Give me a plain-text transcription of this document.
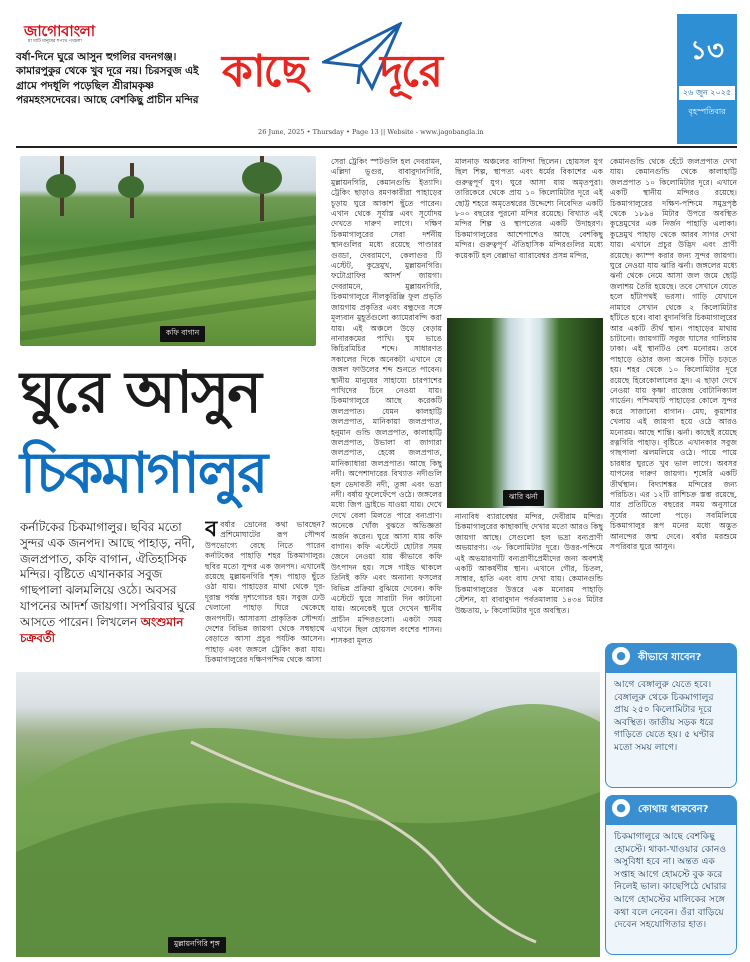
জাগোবাংলা
মা মাটি মানুষের শপথে পথচলা
বর্ষা-দিনে ঘুরে আসুন হুগলির বদনগঞ্জ। কামারপুকুর থেকে খুব দূরে নয়। চিরসবুজ এই গ্রামে পদধূলি পড়েছিল শ্রীরামকৃষ্ণ পরমহংসদেবের। আছে বেশকিছু প্রাচীন মন্দির
কাছে দূরে
26 June, 2025 • Thursday • Page 13 || Website - www.jagobangla.in
১৩
২৬ জুন ২০২৫
বৃহস্পতিবার
কফি বাগান
ঘুরে আসুন
চিকমাগালুর
কর্নাটকের চিকমাগালুর। ছবির মতো সুন্দর এক জনপদ। আছে পাহাড়, নদী, জলপ্রপাত, কফি বাগান, ঐতিহাসিক মন্দির। বৃষ্টিতে এখানকার সবুজ গাছপালা ঝলমলিয়ে ওঠে। অবসর যাপনের আদর্শ জায়গা। সপরিবার ঘুরে আসতে পারেন। লিখলেন অংশুমান চক্রবর্তী
ববর্ষার ভ্রোনের কথা ভাবছেন? প্রশিমোঘাটের রূপ সৌন্দর্য উপভোগ্যে বেছে নিতে পারেন কর্নাটকের পাহাড়ি শহর চিকমাগালুর। ছবির মতো সুন্দর এক জনপদ। এখানেই রয়েছে মুল্লায়নগিরি শৃঙ্গ। পাহাড় ছুঁতে ওঠা যায়। পাহাড়ের মাথা থেকে দূর-দূরান্ত পর্যন্ত দৃশ্যগোচর হয়। সবুজ ঢেউ খেলানো পাহাড় ঘিরে থেকেছে জনপদটি। আসারসা প্রাকৃতিক সৌন্দর্য। দেশের বিভিন্ন জায়গা থেকে সম্বছাত্থে বেড়াতে আসা প্রচুর পর্যটক আসেন। পাহাড় এবং জঙ্গলে ট্রেকিং করা যায়। চিকমাগালুরের দক্ষিণপশ্চিম থেকে আসা
সেরা ট্রেকিং স্পটগুলি হল দেবরামন, এল্লিদা ভুগুর, বাবাবুদানগিরি, মুল্লায়নগিরি, কেমানগুন্ডি ইত্যাদি। ট্রেকিং ছাড়াও রমণকারীরা পাহাড়ের চূড়ায় ঘুরে আকাশ ছুঁতে পারেন। এখান থেকে সূর্যাস্ত এবং সূর্যোদয় দেখতে দারুণ লাগে। দক্ষিণ চিকমাগালুরের সেরা দর্শনীয় স্থানগুলির মধ্যে রয়েছে পাণ্ডারর গুড্ডা, দেবরামণে, কেলাগুর টি এস্টেট, কুদ্রেমুখ, মুল্লায়নগিরি। ফটোগ্রাফির আদর্শ জায়গা। দেবরামনে, মুল্লায়নগিরি, চিকমাগালুরে নীলকুরিঞ্জি ফুল প্রভৃতি জায়গায় প্রকৃতির এবং বন্ধুদের সঙ্গে মূল্যবান মুহূর্তগুলো ক্যামেরাবন্দি করা যায়। এই অঞ্চলে উড়ে বেড়ায় নানারকমের পাখি। ঘুম ভাঙে কিচিরমিচির শব্দে। সাধারণত সকালের দিকে অনেকটা এখানে যে জঙ্গল ফাউলের শব্দ শুনতে পাবেন। স্থানীয় মানুষের সাহায্যে চারপাশের পাখিদের চিনে নেওয়া যায়। চিকমাগালুরে আছে করেকটি জলপ্রপাত। যেমন কালহাট্টি জলপ্রপাত, মানিকায়া জলপ্রপাত, হনুমান গুন্ডি জলপ্রপাত, কালাহাট্টি জলপ্রপাত, উভালা বা জাগারা জলপ্রপাত, হেব্বে জলপ্রপাত, মানিক্যাধারা জলপ্রপাত। আছে কিছু নদী। অপেশাদারের বিখ্যাত নদীগুলি হল ভেদাবতী নদী, তুঙ্গা এবং ভদ্রা নদী। বর্ষায় ফুলেফেঁপে ওঠে। জঙ্গলের মধ্যে জিপ ড্রাইভে যাওয়া যায়। দেখে দেখে বেলা মিলতে পারে বন্যপ্রাণ। অনেকে খোঁজ বুঝতে অভিজ্ঞতা অর্জন করেন। ঘুরে আসা যায় কফি বাগান। কফি এস্টেটে হোটার সময় জেনে নেওয়া যায় কীভাবে কফি উৎপাদন হয়। সঙ্গে গাইড থাকলে তিনিই কফি এবং অন্যান্য ফসলের বিভিন্ন প্রক্রিয়া বুঝিয়ে দেবেন। কফি এস্টেটে ঘুরে সারাটা দিন কাটানো যায়। অনেকেই ঘুরে দেখেন স্থানীয় প্রাচীন মন্দিরগুলো। একটা সময় এখানে ছিল হোয়সল বংশের শাসন। শাসকরা মূলত
মালনাড় অঞ্চলের বাসিন্দা ছিলেন। হোয়সল যুগ ছিল শিল্প, স্থাপত্য এবং ধর্মের বিকাশের এক গুরুত্বপূর্ণ যুগ। ঘুরে আসা যায় অমৃতপুরা। তারিকেরে থেকে প্রায় ১০ কিলোমিটার দূরে এই ছোট্ট শহরে অমৃতেশ্বরের উদ্দেশ্যে নিবেদিত একটি ৮০০ বছরের পুরনো মন্দির রয়েছে। বিখ্যাত এই মন্দির শিল্প ও স্থাপত্যের একটি উদাহরণ। চিকমাগালুরের আশেপাশেও আছে বেশকিছু মন্দির। গুরুত্বপূর্ণ ঐতিহাসিক মন্দিরগুলির মধ্যে কয়েকটি হল বেল্লাভা ব্যারাবেশ্বর প্রসন্ন মন্দির,
ঝারি ঝর্না
নানাবিধ ব্যারাবেশ্বর মন্দির, দেবীরাম মন্দির। চিকমাগালুরের কাছাকাছি দেখার মতো আরও কিছু জায়গা আছে। সেগুলো হল ভদ্রা বন্যপ্রাণী অভয়ারণ্য। ৩৮ কিলোমিটার দূরে। উত্তর-পশ্চিমে এই অভয়ারণ্যটি বন্যপ্রাণীপ্রেমীদের জন্য অবশ্যই একটি আকর্ষণীয় স্থান। এখানে গৌর, চিতল, সাম্বার, হাতি এবং বাঘ দেখা যায়। কেমানগুন্ডি চিকমাগালুরের উত্তরে এক মনোরম পাহাড়ি স্টেশন, যা বাবাবুদান পর্বতমালায় ১৪৩৪ মিটার উচ্চতায়, ৮ কিলোমিটার দূরে অবস্থিত।
কেমানগুন্ডি থেকে হেঁটে জলপ্রপাত দেখা যায়। কেমানগুন্ডি থেকে কালাহাট্টি জলপ্রপাত ১০ কিলোমিটার দূরে। এখানে একটি স্থানীয় মন্দিরও রয়েছে। চিকমাগালুরের দক্ষিণ-পশ্চিমে সমুদ্রপৃষ্ঠ থেকে ১৮৯৪ মিটার উপরে অবস্থিত কুদ্রেমুখের এক নির্জন পাহাড়ি এলাকা। কুদ্রেমুখ পাহাড় থেকে আরব সাগর দেখা যায়। এখানে প্রচুর উদ্ভিদ এবং প্রাণী রয়েছে। ক্যাম্প করার জন্য সুন্দর জায়গা। ঘুরে নেওয়া যায় ঝারি ঝর্না। জঙ্গলের মধ্যে ঝর্না থেকে নেমে আসা জল জমে ছোট্ট জলাশয় তৈরি হয়েছে। তবে সেখানে যেতে হলে হাঁটাপথই ভরসা। গাড়ি যেখানে নামাবে সেখান থেকে ২ কিলোমিটার হাঁটতে হবে। বাবা বুদানগিরি চিকমাগালুরের আর একটি তীর্থ স্থান। পাহাড়ের মাথায় চাটানো। জায়গাটি সবুজ ঘাসের গালিচায় ঢাকা। এই স্থানটিও বেশ মনোরম। তবে পাহাড়ে ওঠার জন্য অনেক সিঁড়ি চড়তে হয়। শহর থেকে ১০ কিলোমিটার দূরে রয়েছে হিরেকোলালের হ্রদ। এ ছাড়া দেখে নেওয়া যায় কৃষ্ণা রাজেন্দ্র বোটানিক্যাল গার্ডেন। পশ্চিমঘাট পাহাড়ের কোলে সুন্দর করে সাজানো বাগান। মেঘ, কুয়াশার খেলায় এই জায়গা হয়ে ওঠে আরও মনোরম। আছে শান্তি। ঝর্না। কাছেই রয়েছে রত্নগিরি পাহাড়। বৃষ্টিতে এখানকার সবুজ গাছপালা ঝলমলিয়ে ওঠে। পায়ে পায়ে চারধার ঘুরতে খুব ভাল লাগে। অবসর যাপনের দারুণ জায়গা। শৃঙ্গেরি একটি তীর্থস্থান। বিদ্যাশঙ্কর মন্দিরের জন্য পরিচিত। এর ১২টি রাশিচক্র স্তম্ভ রয়েছে, যার প্রতিটিতে বছরের সময় অনুসারে সূর্যের আলো পড়ে। সবমিলিয়ে চিকমাগালুর রূপ মনের মধ্যে অদ্ভুত আনন্দের জন্ম দেবে। বর্ষার মরশুমে সপরিবার ঘুরে আসুন।
মুল্লায়নগিরি শৃঙ্গ
●	কীভাবে যাবেন?
আগে বেঙ্গালুরু যেতে হবে। বেঙ্গালুরু থেকে চিকমাগালুর প্রায় ২৫০ কিলোমিটার দূরে অবস্থিত। জাতীয় সড়ক ধরে গাড়িতে যেতে হয়। ৫ ঘণ্টার মতো সময় লাগে।
●	কোথায় থাকবেন?
চিকমাগালুরে আছে বেশকিছু হোমস্টে। থাকা-খাওয়ার কোনও অসুবিধা হবে না। অন্তত এক সপ্তাহ আগে হোমস্টে বুক করে নিলেই ভাল। কাছেপিঠে ঘোরার আগে হোমস্টের মালিকের সঙ্গে কথা বলে নেবেন। ওঁরা বাড়িয়ে দেবেন সহযোগিতার হাত।
